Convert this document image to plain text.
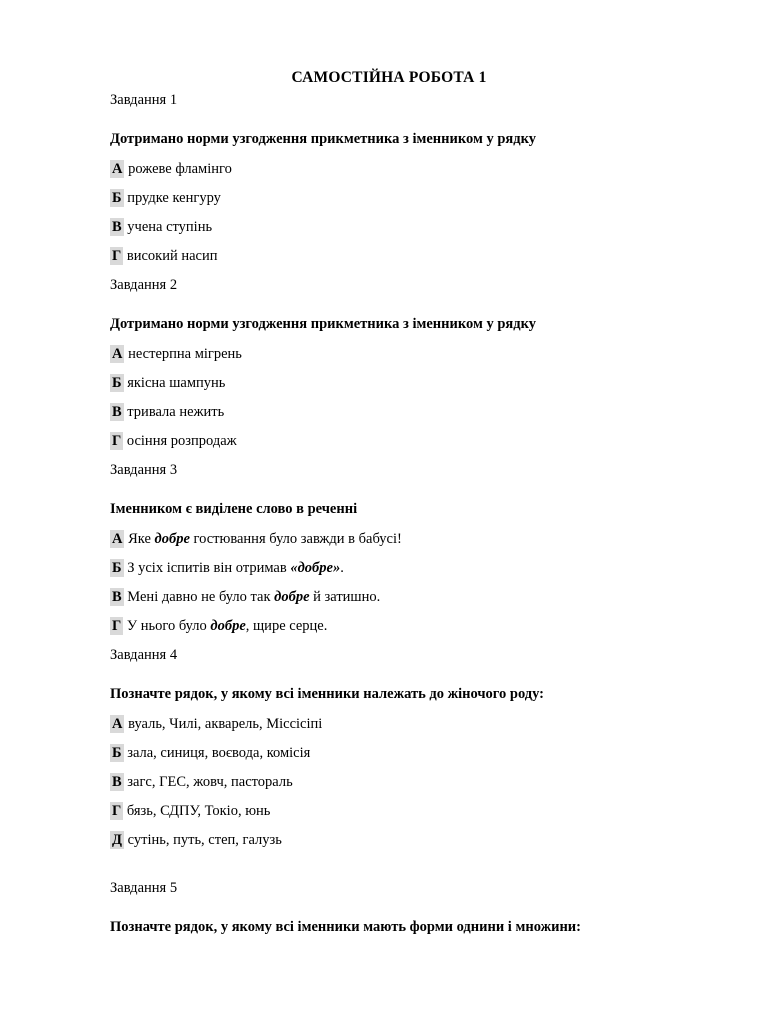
САМОСТІЙНА РОБОТА 1

Завдання 1

Дотримано норми узгодження прикметника з іменником у рядку

А рожеве фламінго

Б прудке кенгуру

В учена ступінь

Г високий насип

Завдання 2

Дотримано норми узгодження прикметника з іменником у рядку

А нестерпна мігрень

Б якісна шампунь

В тривала нежить

Г осіння розпродаж

Завдання 3

Іменником є виділене слово в реченні

А Яке добре гостювання було завжди в бабусі!

Б З усіх іспитів він отримав «добре».

В Мені давно не було так добре й затишно.

Г У нього було добре, щире серце.

Завдання 4

Позначте рядок, у якому всі іменники належать до жіночого роду:

А вуаль, Чилі, акварель, Міссісіпі

Б зала, синиця, воєвода, комісія

В загс, ГЕС, жовч, пастораль

Г бязь, СДПУ, Токіо, юнь

Д сутінь, путь, степ, галузь

Завдання 5

Позначте рядок, у якому всі іменники мають форми однини і множини:
